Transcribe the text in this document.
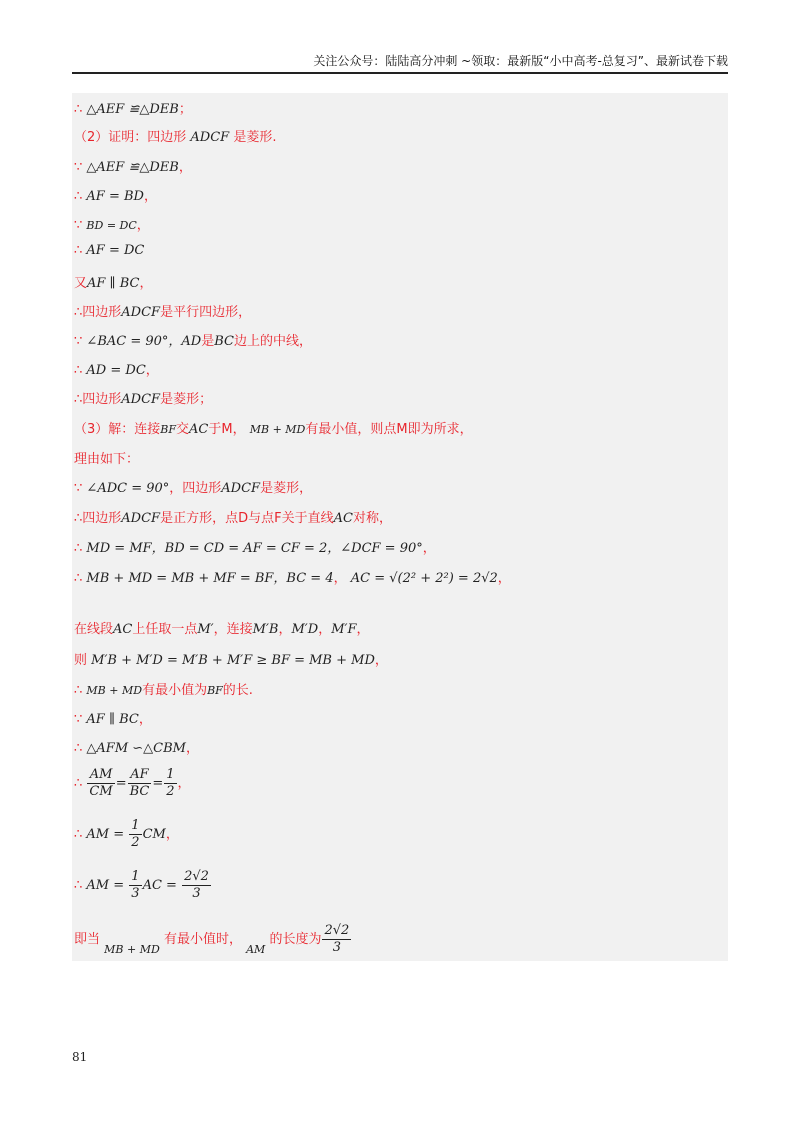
关注公众号：陆陆高分冲刺 ~领取：最新版“小中高考-总复习”、最新试卷下载
∴ △AEF ≌△DEB；
（2）证明：四边形 ADCF 是菱形.
∵ △AEF ≌△DEB，
∴ AF = BD，
∵ BD = DC，
∴ AF = DC
又AF ∥ BC，
∴四边形ADCF是平行四边形，
∵ ∠BAC = 90°，AD是BC边上的中线，
∴ AD = DC，
∴四边形ADCF是菱形；
（3）解：连接BF交AC于M， MB + MD有最小值，则点M即为所求，
理由如下：
∵ ∠ADC = 90°，四边形ADCF是菱形，
∴四边形ADCF是正方形，点D与点F关于直线AC对称，
∴ MD = MF，BD = CD = AF = CF = 2，∠DCF = 90°，
∴ MB + MD = MB + MF = BF，BC = 4， AC = √(2² + 2²) = 2√2，
在线段AC上任取一点M′，连接M′B，M′D，M′F，
则 M′B + M′D = M′B + M′F ≥ BF = MB + MD，
∴ MB + MD有最小值为BF的长.
∵ AF ∥ BC，
∴ △AFM ∽△CBM，
∴ $\frac{AM}{CM} = \frac{AF}{BC} = \frac{1}{2}$ ，
∴ AM = $\frac{1}{2}$ CM，
∴ AM = $\frac{1}{3}$ AC = $\frac{2√2}{3}$
即当 $_{MB + MD}$ 有最小值时， $_{AM}$ 的长度为 $\frac{2√2}{3}$
81
